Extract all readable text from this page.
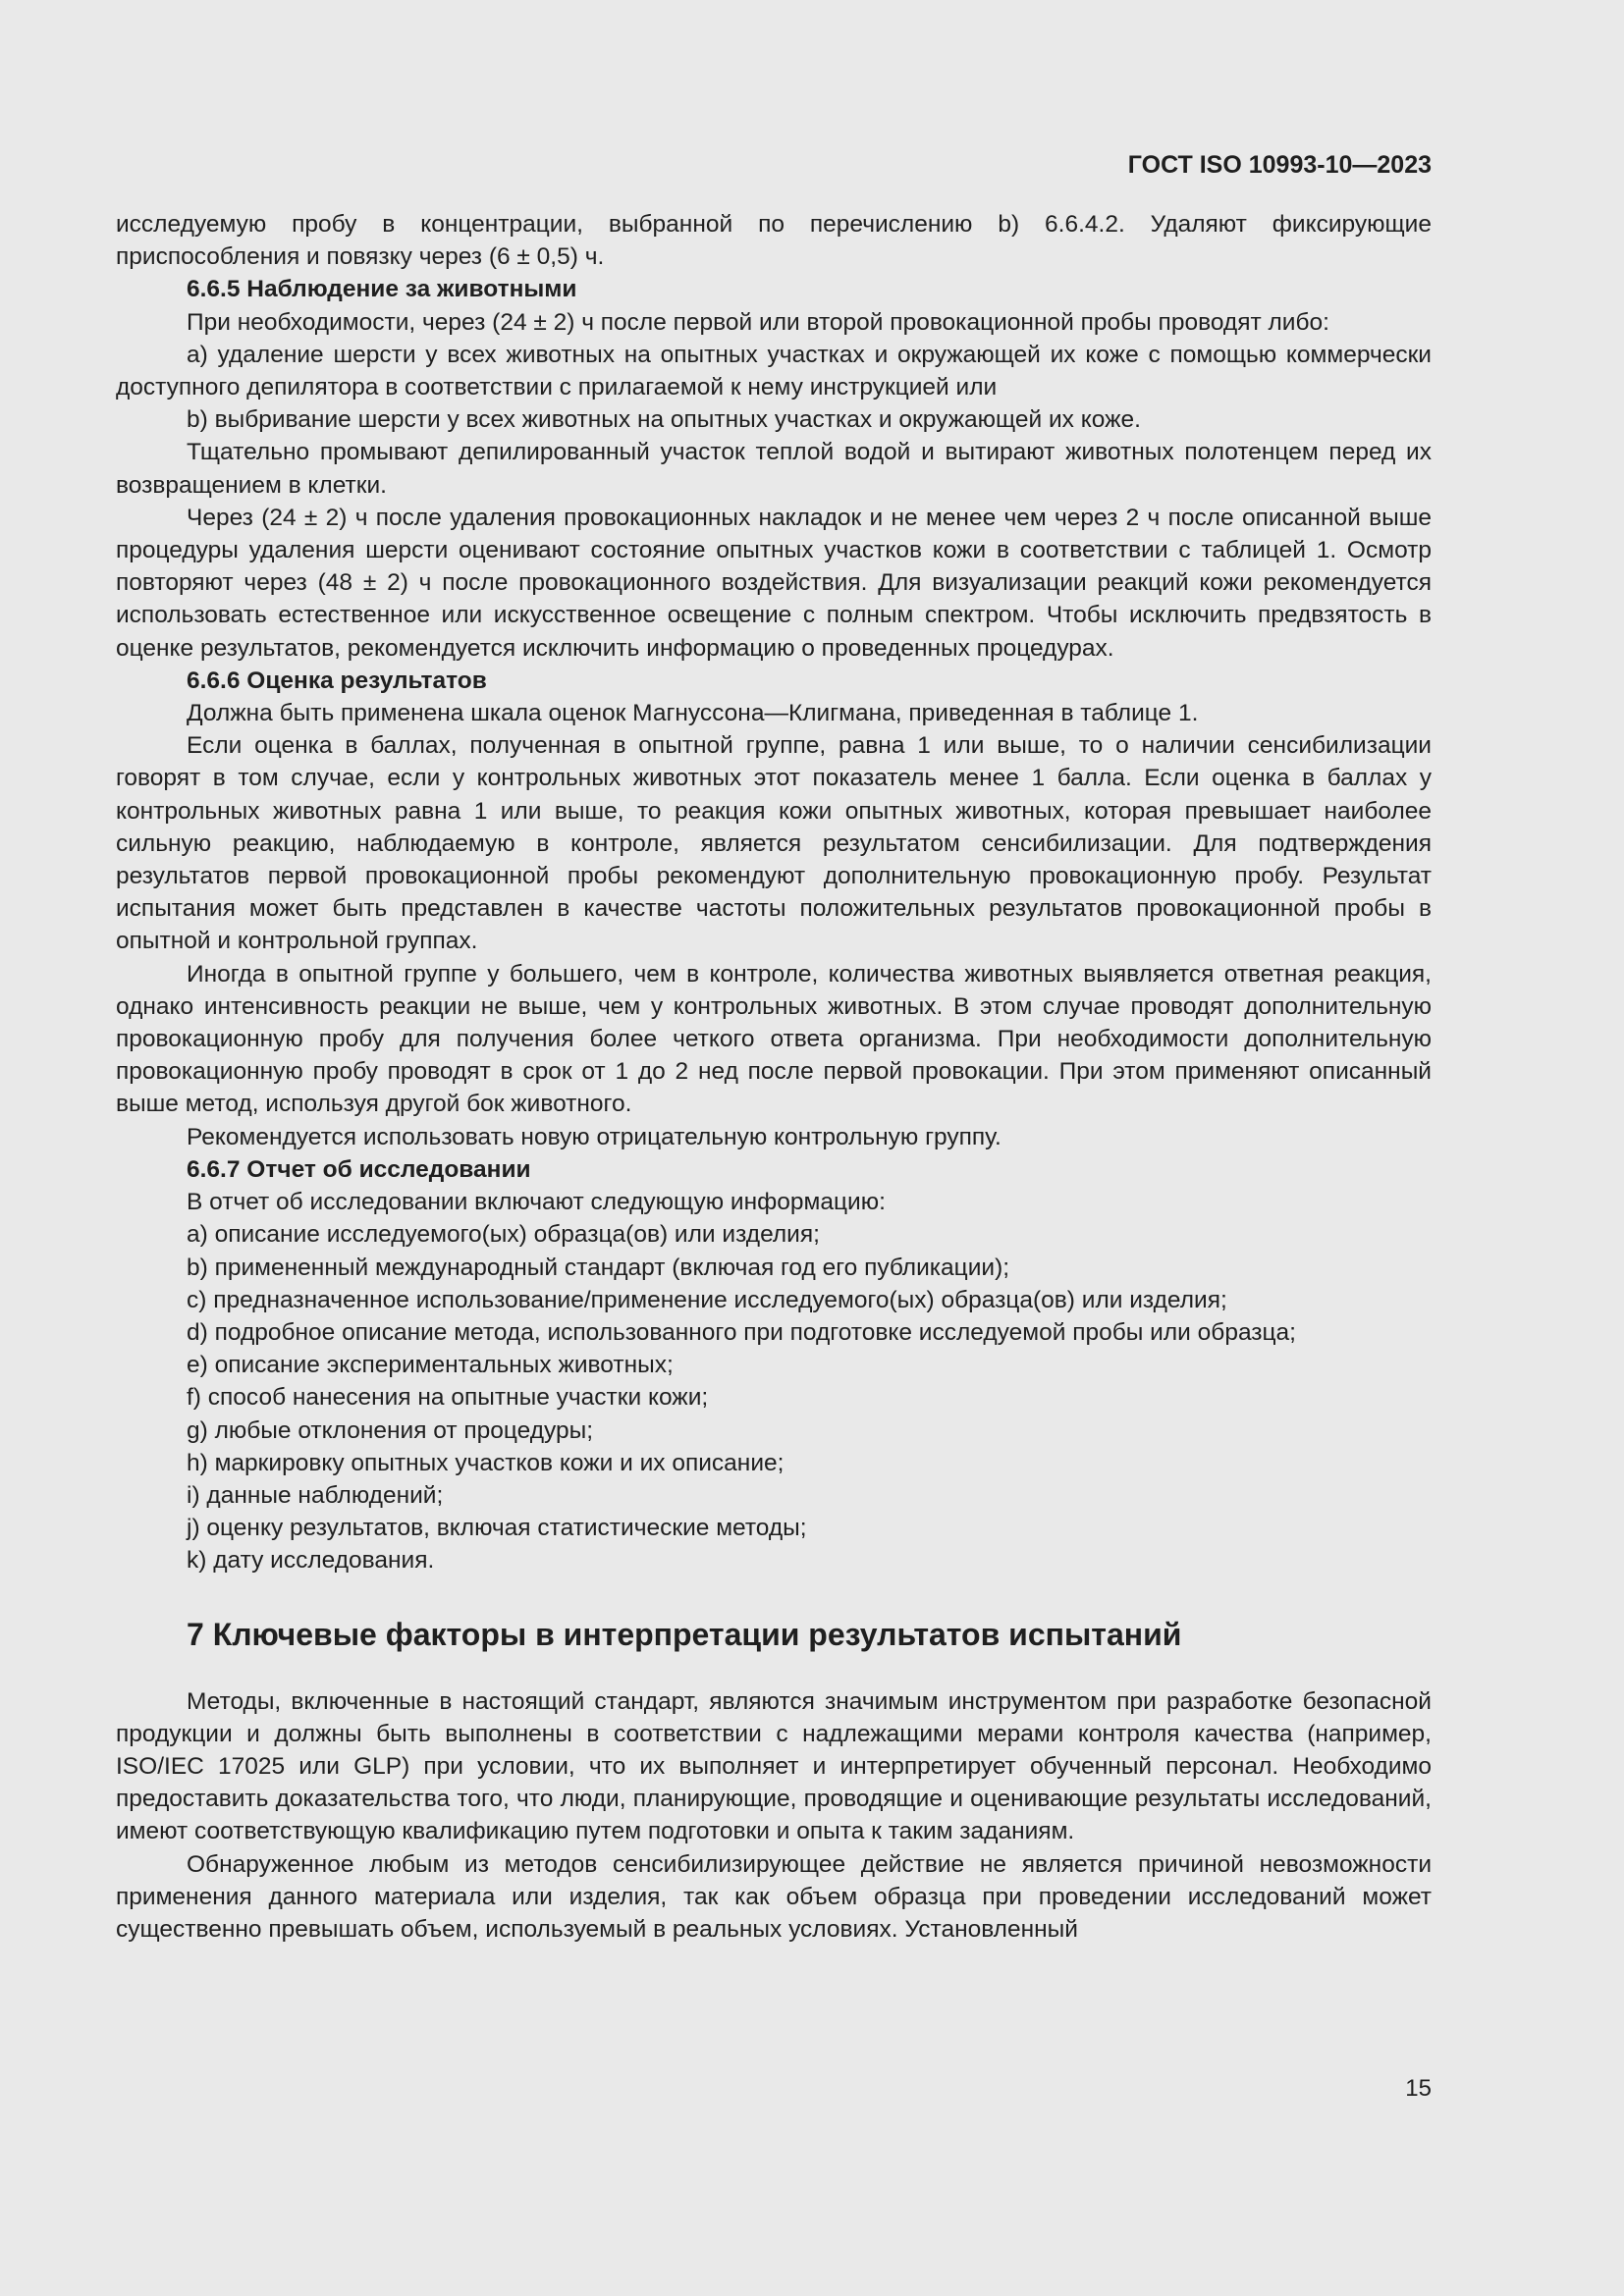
ГОСТ ISO 10993-10—2023

исследуемую пробу в концентрации, выбранной по перечислению b) 6.6.4.2. Удаляют фиксирующие приспособления и повязку через (6 ± 0,5) ч.

6.6.5 Наблюдение за животными

При необходимости, через (24 ± 2) ч после первой или второй провокационной пробы проводят либо:

a) удаление шерсти у всех животных на опытных участках и окружающей их коже с помощью коммерчески доступного депилятора в соответствии с прилагаемой к нему инструкцией или

b) выбривание шерсти у всех животных на опытных участках и окружающей их коже.

Тщательно промывают депилированный участок теплой водой и вытирают животных полотенцем перед их возвращением в клетки.

Через (24 ± 2) ч после удаления провокационных накладок и не менее чем через 2 ч после описанной выше процедуры удаления шерсти оценивают состояние опытных участков кожи в соответствии с таблицей 1. Осмотр повторяют через (48 ± 2) ч после провокационного воздействия. Для визуализации реакций кожи рекомендуется использовать естественное или искусственное освещение с полным спектром. Чтобы исключить предвзятость в оценке результатов, рекомендуется исключить информацию о проведенных процедурах.

6.6.6 Оценка результатов

Должна быть применена шкала оценок Магнуссона—Клигмана, приведенная в таблице 1.

Если оценка в баллах, полученная в опытной группе, равна 1 или выше, то о наличии сенсибилизации говорят в том случае, если у контрольных животных этот показатель менее 1 балла. Если оценка в баллах у контрольных животных равна 1 или выше, то реакция кожи опытных животных, которая превышает наиболее сильную реакцию, наблюдаемую в контроле, является результатом сенсибилизации. Для подтверждения результатов первой провокационной пробы рекомендуют дополнительную провокационную пробу. Результат испытания может быть представлен в качестве частоты положительных результатов провокационной пробы в опытной и контрольной группах.

Иногда в опытной группе у большего, чем в контроле, количества животных выявляется ответная реакция, однако интенсивность реакции не выше, чем у контрольных животных. В этом случае проводят дополнительную провокационную пробу для получения более четкого ответа организма. При необходимости дополнительную провокационную пробу проводят в срок от 1 до 2 нед после первой провокации. При этом применяют описанный выше метод, используя другой бок животного.

Рекомендуется использовать новую отрицательную контрольную группу.

6.6.7 Отчет об исследовании

В отчет об исследовании включают следующую информацию:

a) описание исследуемого(ых) образца(ов) или изделия;

b) примененный международный стандарт (включая год его публикации);

c) предназначенное использование/применение исследуемого(ых) образца(ов) или изделия;

d) подробное описание метода, использованного при подготовке исследуемой пробы или образца;

e) описание экспериментальных животных;

f) способ нанесения на опытные участки кожи;

g) любые отклонения от процедуры;

h) маркировку опытных участков кожи и их описание;

i) данные наблюдений;

j) оценку результатов, включая статистические методы;

k) дату исследования.

7 Ключевые факторы в интерпретации результатов испытаний

Методы, включенные в настоящий стандарт, являются значимым инструментом при разработке безопасной продукции и должны быть выполнены в соответствии с надлежащими мерами контроля качества (например, ISO/IEC 17025 или GLP) при условии, что их выполняет и интерпретирует обученный персонал. Необходимо предоставить доказательства того, что люди, планирующие, проводящие и оценивающие результаты исследований, имеют соответствующую квалификацию путем подготовки и опыта к таким заданиям.

Обнаруженное любым из методов сенсибилизирующее действие не является причиной невозможности применения данного материала или изделия, так как объем образца при проведении исследований может существенно превышать объем, используемый в реальных условиях. Установленный

15
